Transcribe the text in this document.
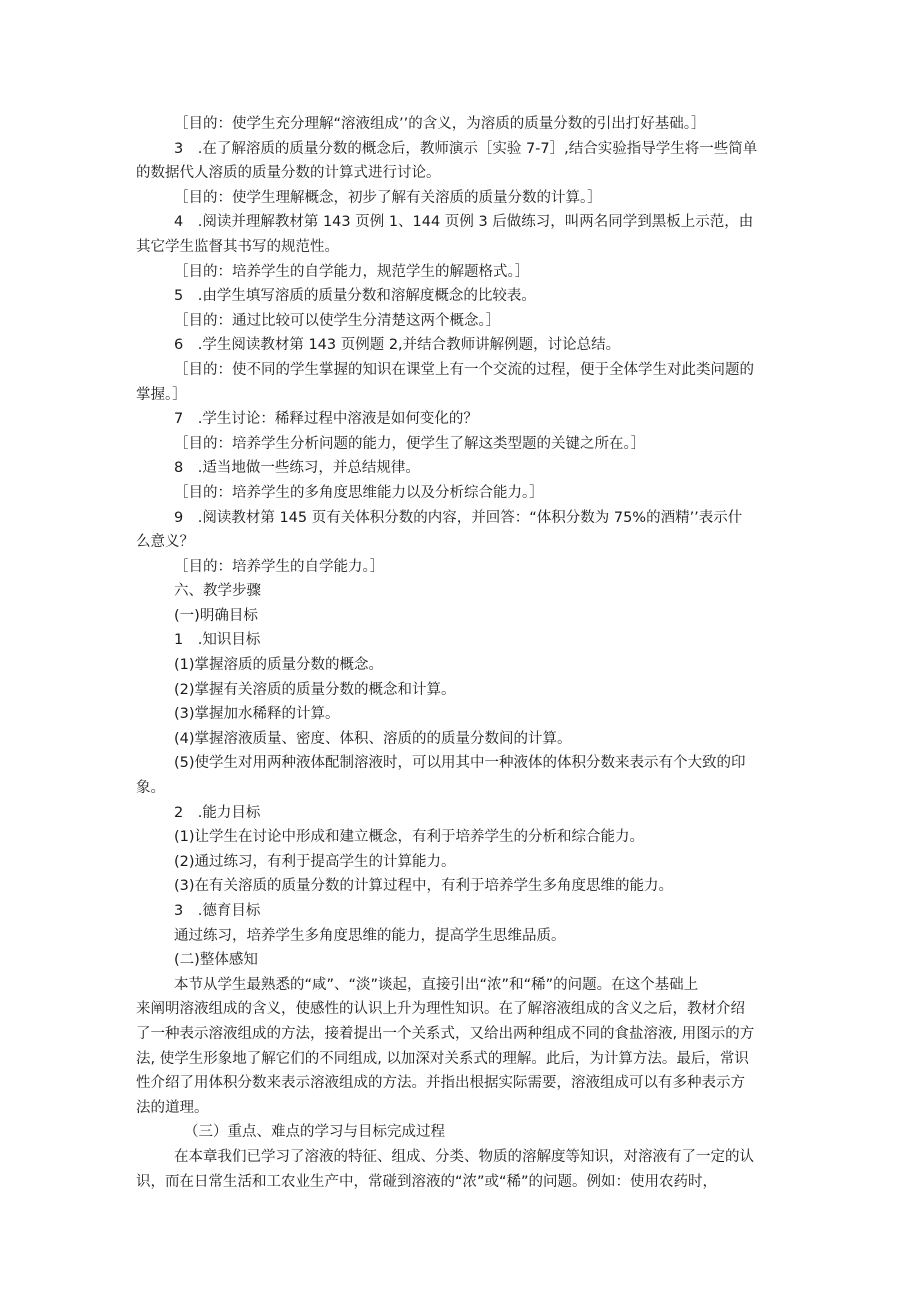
［目的：使学生充分理解“溶液组成’’的含义，为溶质的质量分数的引出打好基础。］
3　.在了解溶质的质量分数的概念后，教师演示［实验 7-7］,结合实验指导学生将一些简单
的数据代人溶质的质量分数的计算式进行讨论。
［目的：使学生理解概念，初步了解有关溶质的质量分数的计算。］
4　.阅读并理解教材第 143 页例 1、144 页例 3 后做练习，叫两名同学到黑板上示范，由
其它学生监督其书写的规范性。
［目的：培养学生的自学能力，规范学生的解题格式。］
5　.由学生填写溶质的质量分数和溶解度概念的比较表。
［目的：通过比较可以使学生分清楚这两个概念。］
6　.学生阅读教材第 143 页例题 2,并结合教师讲解例题，讨论总结。
［目的：使不同的学生掌握的知识在课堂上有一个交流的过程，便于全体学生对此类问题的
掌握。］
7　.学生讨论：稀释过程中溶液是如何变化的？
［目的：培养学生分析问题的能力，便学生了解这类型题的关键之所在。］
8　.适当地做一些练习，并总结规律。
［目的：培养学生的多角度思维能力以及分析综合能力。］
9　.阅读教材第 145 页有关体积分数的内容，并回答：“体积分数为 75%的酒精’’表示什
么意义？
［目的：培养学生的自学能力。］
六、教学步骤
(一)明确目标
1　.知识目标
(1)掌握溶质的质量分数的概念。
(2)掌握有关溶质的质量分数的概念和计算。
(3)掌握加水稀释的计算。
(4)掌握溶液质量、密度、体积、溶质的的质量分数间的计算。
(5)使学生对用两种液体配制溶液时，可以用其中一种液体的体积分数来表示有个大致的印
象。
2　.能力目标
(1)让学生在讨论中形成和建立概念，有利于培养学生的分析和综合能力。
(2)通过练习，有利于提高学生的计算能力。
(3)在有关溶质的质量分数的计算过程中，有利于培养学生多角度思维的能力。
3　.德育目标
通过练习，培养学生多角度思维的能力，提高学生思维品质。
(二)整体感知
本节从学生最熟悉的“咸”、“淡”谈起，直接引出“浓”和“稀”的问题。在这个基础上
来阐明溶液组成的含义，使感性的认识上升为理性知识。在了解溶液组成的含义之后，教材介绍
了一种表示溶液组成的方法，接着提出一个关系式，又给出两种组成不同的食盐溶液, 用图示的方
法, 使学生形象地了解它们的不同组成, 以加深对关系式的理解。此后，为计算方法。最后，常识
性介绍了用体积分数来表示溶液组成的方法。并指出根据实际需要，溶液组成可以有多种表示方
法的道理。
（三）重点、难点的学习与目标完成过程
在本章我们已学习了溶液的特征、组成、分类、物质的溶解度等知识，对溶液有了一定的认
识，而在日常生活和工农业生产中，常碰到溶液的“浓”或“稀”的问题。例如：使用农药时，
